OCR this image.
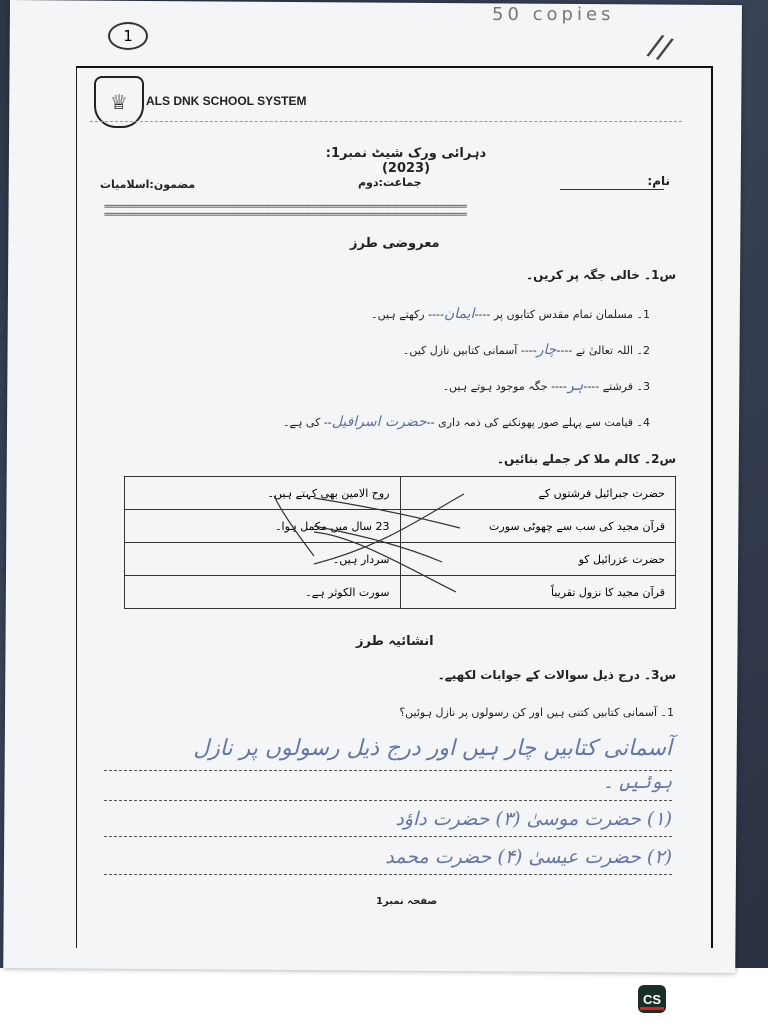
1
50 copies
//
♕	ALS DNK SCHOOL SYSTEM
دہرائی ورک شیٹ نمبر1:(2023)
نام:
جماعت:دوم
مضمون:اسلامیات
==================================================================================
==================================================================================
معروضی طرز
س1۔ خالی جگہ پر کریں۔
1۔ مسلمان تمام مقدس کتابوں پر ----ایمان---- رکھتے ہیں۔
2۔ اللہ تعالیٰ نے ----چار---- آسمانی کتابیں نازل کیں۔
3۔ فرشتے ----ہر---- جگہ موجود ہوتے ہیں۔
4۔ قیامت سے پہلے صور پھونکنے کی ذمہ داری --حضرت اسرافیل-- کی ہے۔
س2۔ کالم ملا کر جملے بنائیں۔
حضرت جبرائیل فرشتوں کے	روح الامین بھی کہتے ہیں۔
قرآن مجید کی سب سے چھوٹی سورت	23 سال میں مکمل ہوا۔
حضرت عزرائیل کو	سردار ہیں۔
قرآن مجید کا نزول تقریباً	سورت الکوثر ہے۔
انشائیہ طرز
س3۔ درج ذیل سوالات کے جوابات لکھیے۔
1۔ آسمانی کتابیں کتنی ہیں اور کن رسولوں پر نازل ہوئیں؟
آسمانی کتابیں چار ہیں اور درج ذیل رسولوں پر نازل
ہوئیں ۔
(۱) حضرت موسیٰ (۳) حضرت داؤد
(۲) حضرت عیسیٰ (۴) حضرت محمد
صفحہ نمبر1
CS
